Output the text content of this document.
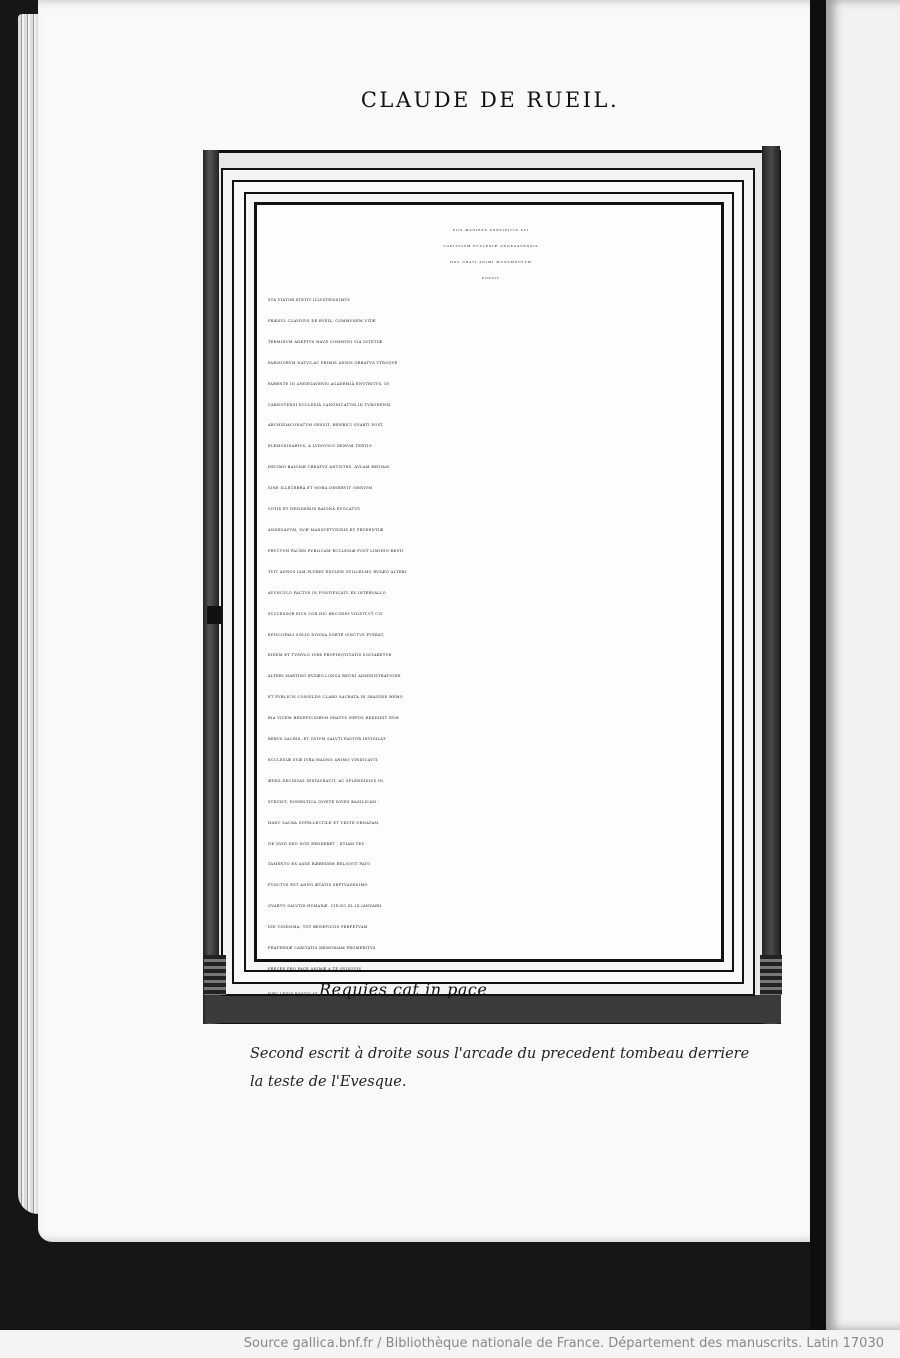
CLAUDE DE RUEIL.
PIIS MANIBVS PONTIFICIS SVI
CAPITVLVM ECCLESIÆ ANDEGAVENSIS
HOC GRATI ANIMI MONVMENTVM
POSVIT
STA VIATOR STETIT ILLVSTRISSIMVS
PRÆSVL CLAVDIVS DE RVEIL, COMMVNEM VITÆ
TERMINVM ADEPTVS HAVD COMMVNI VIA LVTETIÆ
PARISIORVM NATVS,AC PRIMIS ANNIS ORBATVS VTROQVE
PARENTE IN ANDEGAVENSI ACADEMIÂ ENVTRITVS, IN
CARNOTENSI ECCLESIÂ CANONICATVM,IN TVRONENSI
ARCHIDIACONATVM GESSIT, HENRICI QVARTI POST
ELEMOSINARIVS, A LVDOVICO DEMVM TERTIO
DECIMO BAIONÆ CREATVS ANTISTES. AVLAM REGIAM
SINE ILLECEBRÂ ET MORA DESERVIT OMNIVM
VOTIS ET DESIDERIIS BAIONÂ EVOCATVS
ANDEGAVVM, SVÆ MANSVETVDINIS ET PRVDENTIÆ
FRVCTVM PACEM PVBLICAM ECCLESIÆ POST LIMINIO RESTI
TVIT ANNOS IAM PLVRES EXVLEM GVILLELMO RVZÆO ALTERI
AVVNCVLO FACTVS IN PONTIFICATV EX INTERVALLO
SVCCESSOR EIVS COR HIC RECONDI VOLVIT,VT CVI
EPISCOPALI SOLIO DIVINA SORTE IVNCTVS FVERAT,
EIDEM ET TVMVLO IVRE PROPINQVITATIS SOCIARETVR
ALTERI MARTINO RVZÆO,LONGÂ REGNI ADMINISTRATIONE
ET PVBLICIS CONSILIIS CLARO SACRATA IN IMAGINE MEMO
RIA VICEM BENEFICIORVM GRATVS NEPOS REDDIDIT DVM
REBVS SACRIS, ET OVIVM SALVTI PASTOR INVIGILAT
ECCLESIÆ SVÆ IVRA MAGNO ANIMO VINDICAVIT,
ÆDES DECIDVAS INSTAVRAVIT, AC SPLENDIDIVS IN,
STRVXIT; DOMESTICA QVIETE DIVES BASILICAM -
HANC SACRA SVPELLECTILE ET VESTE ORNATAM,
NE QVID DEO NON REDDERET , ETIAM TES-
TAMENTO EX ASSE HÆREDEM RELIQVIT FATO
FVNCTVS EST ANNO ÆTATIS SEPTVAGESIMO
QVARTO SALVTIS HVMANÆ. CID.DC.XL.IX.IANVARII
DIE VIGESIMA, TOT BENEFICIIS PERPETVAM
FRATERNÆ CARITATIS MEMORIAM PROMERITVS
PRECES PRO PACE ANIMÆ A TE QVISQVIS
HÆC LEGIS POSTVLAT Requies cat in pace
Second escrit à droite sous l'arcade du precedent tombeau derriere
la teste de l'Evesque.
Source gallica.bnf.fr / Bibliothèque nationale de France. Département des manuscrits. Latin 17030
